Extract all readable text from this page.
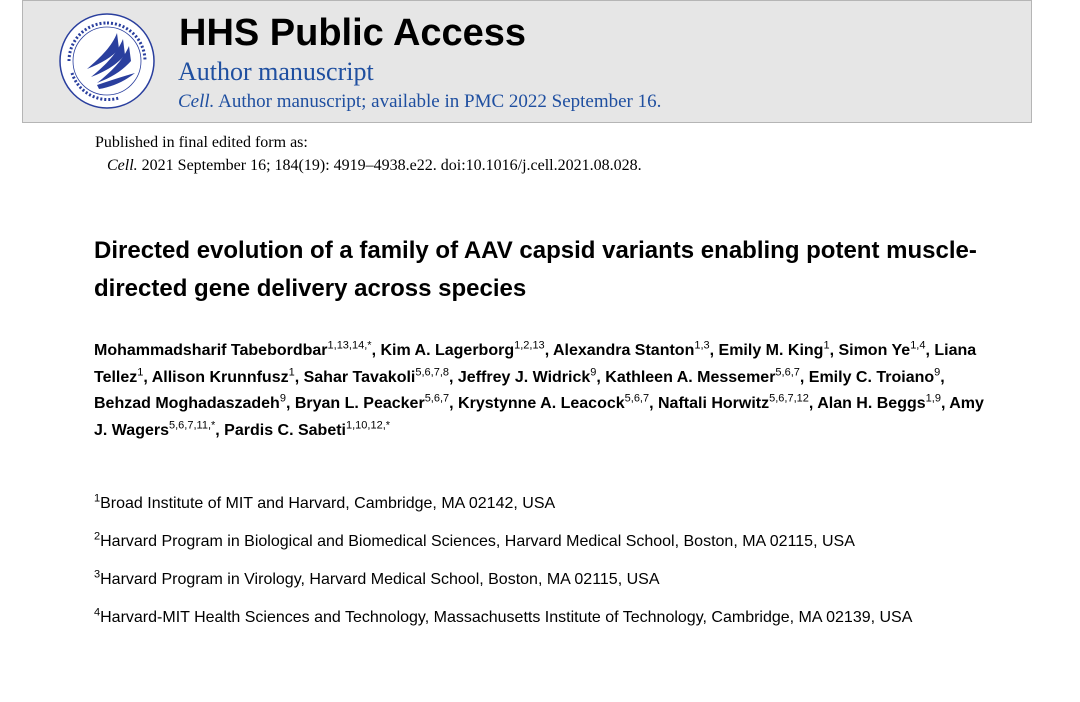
HHS Public Access
Author manuscript
Cell. Author manuscript; available in PMC 2022 September 16.
Published in final edited form as:
Cell. 2021 September 16; 184(19): 4919–4938.e22. doi:10.1016/j.cell.2021.08.028.
Directed evolution of a family of AAV capsid variants enabling potent muscle-directed gene delivery across species

Mohammadsharif Tabebordbar$^{1,13,14,*}$, Kim A. Lagerborg$^{1,2,13}$, Alexandra Stanton$^{1,3}$, Emily M. King$^1$, Simon Ye$^{1,4}$, Liana Tellez$^1$, Allison Krunnfusz$^1$, Sahar Tavakoli$^{5,6,7,8}$, Jeffrey J. Widrick$^9$, Kathleen A. Messemer$^{5,6,7}$, Emily C. Troiano$^9$, Behzad Moghadaszadeh$^9$, Bryan L. Peacker$^{5,6,7}$, Krystynne A. Leacock$^{5,6,7}$, Naftali Horwitz$^{5,6,7,12}$, Alan H. Beggs$^{1,9}$, Amy J. Wagers$^{5,6,7,11,*}$, Pardis C. Sabeti$^{1,10,12,*}$

$^1$Broad Institute of MIT and Harvard, Cambridge, MA 02142, USA

$^2$Harvard Program in Biological and Biomedical Sciences, Harvard Medical School, Boston, MA 02115, USA

$^3$Harvard Program in Virology, Harvard Medical School, Boston, MA 02115, USA

$^4$Harvard-MIT Health Sciences and Technology, Massachusetts Institute of Technology, Cambridge, MA 02139, USA
